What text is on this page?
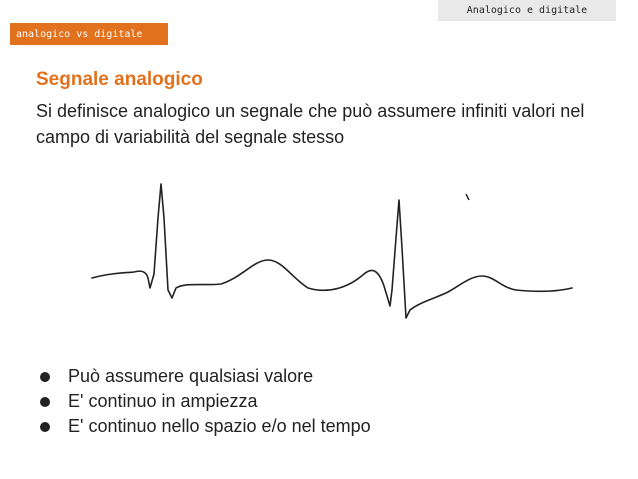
Analogico e digitale
analogico vs digitale
Segnale analogico
Si definisce analogico un segnale che può assumere infiniti valori nel campo di variabilità del segnale stesso
Può assumere qualsiasi valore
E' continuo in ampiezza
E' continuo nello spazio e/o nel tempo
